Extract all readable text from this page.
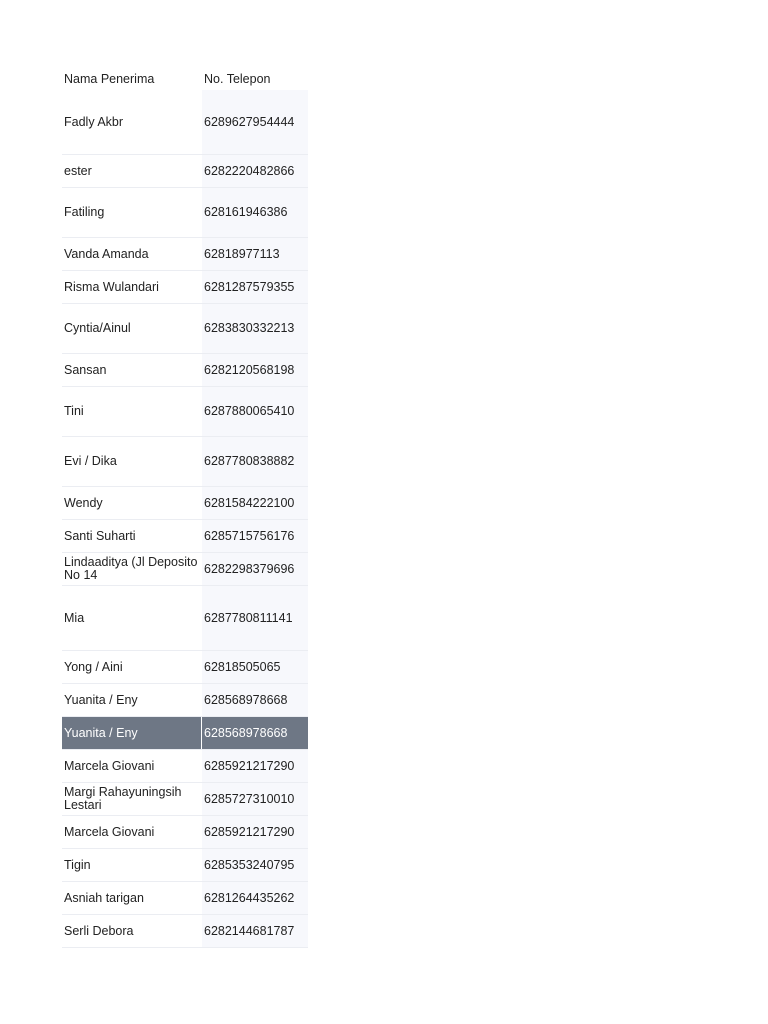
Nama Penerima	No. Telepon
Fadly Akbr	6289627954444
ester	6282220482866
Fatiling	628161946386
Vanda Amanda	62818977113
Risma Wulandari	6281287579355
Cyntia/Ainul	6283830332213
Sansan	6282120568198
Tini	6287880065410
Evi / Dika	6287780838882
Wendy	6281584222100
Santi Suharti	6285715756176
Lindaaditya (Jl Deposito No 14	6282298379696
Mia	6287780811141
Yong / Aini	62818505065
Yuanita / Eny	628568978668
Yuanita / Eny	628568978668
Marcela Giovani	6285921217290
Margi Rahayuningsih Lestari	6285727310010
Marcela Giovani	6285921217290
Tigin	6285353240795
Asniah tarigan	6281264435262
Serli Debora	6282144681787
